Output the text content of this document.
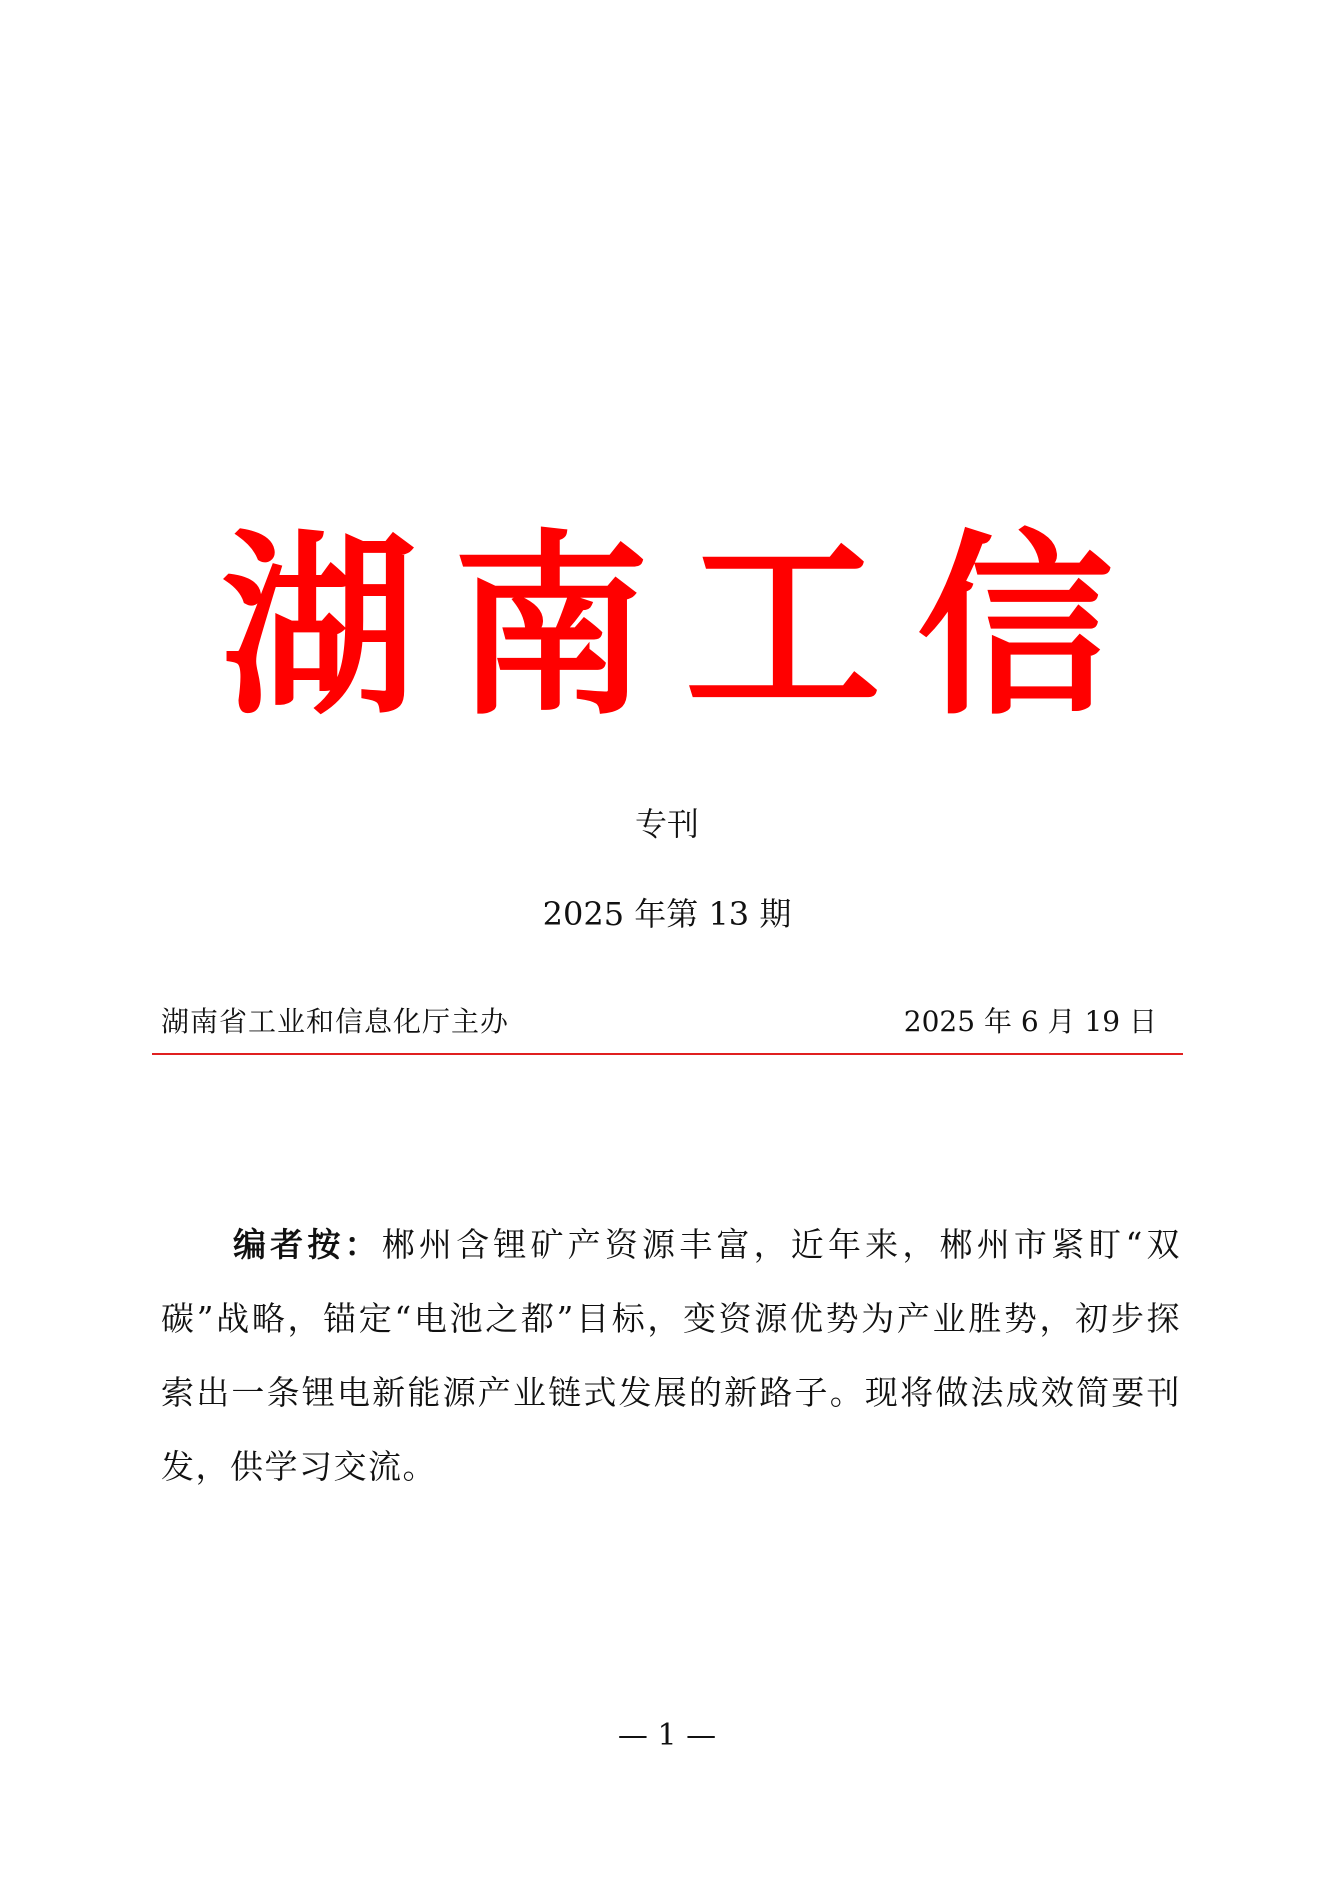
湖南工信
专刊
2025 年第 13 期
湖南省工业和信息化厅主办	2025 年 6 月 19 日

编者按：郴州含锂矿产资源丰富，近年来，郴州市紧盯“双碳”战略，锚定“电池之都”目标，变资源优势为产业胜势，初步探索出一条锂电新能源产业链式发展的新路子。现将做法成效简要刊发，供学习交流。

— 1 —
